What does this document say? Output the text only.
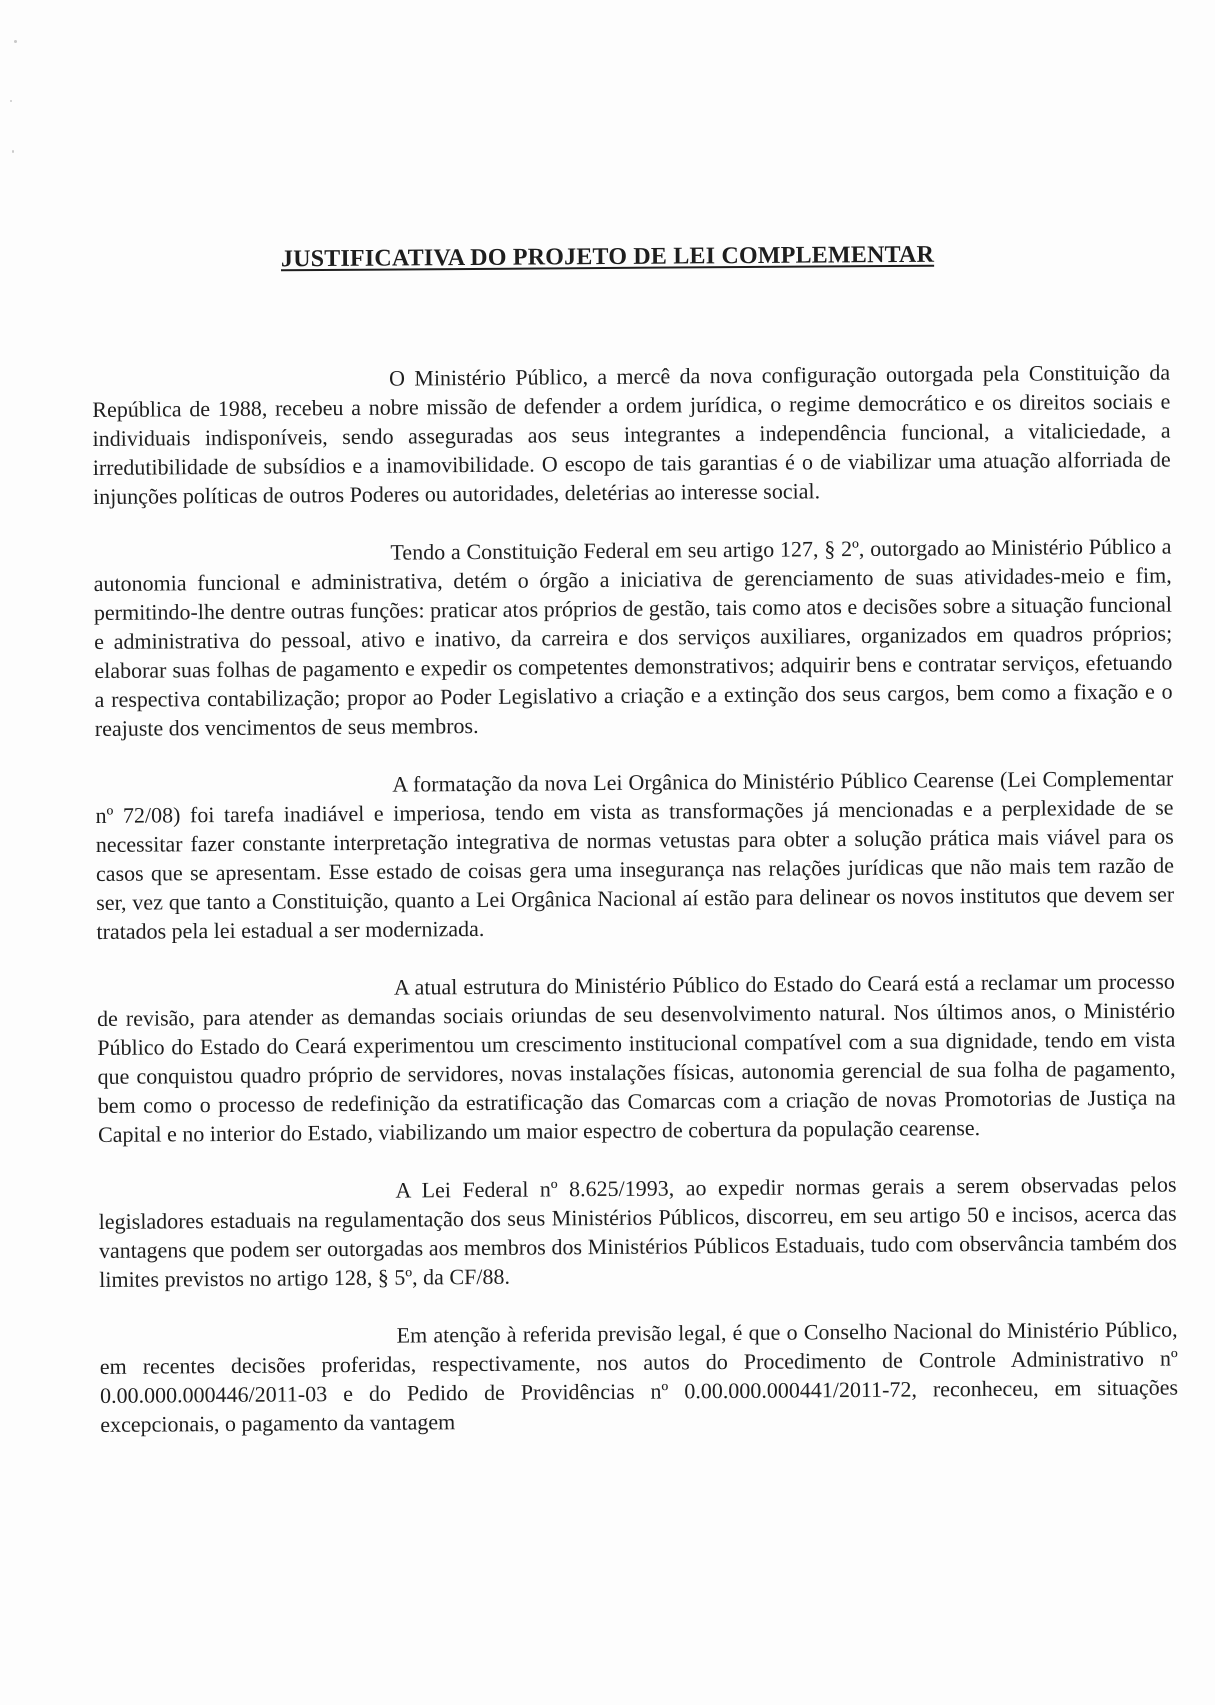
JUSTIFICATIVA DO PROJETO DE LEI COMPLEMENTAR

O Ministério Público, a mercê da nova configuração outorgada pela Constituição da República de 1988, recebeu a nobre missão de defender a ordem jurídica, o regime democrático e os direitos sociais e individuais indisponíveis, sendo asseguradas aos seus integrantes a independência funcional, a vitaliciedade, a irredutibilidade de subsídios e a inamovibilidade. O escopo de tais garantias é o de viabilizar uma atuação alforriada de injunções políticas de outros Poderes ou autoridades, deletérias ao interesse social.

Tendo a Constituição Federal em seu artigo 127, § 2º, outorgado ao Ministério Público a autonomia funcional e administrativa, detém o órgão a iniciativa de gerenciamento de suas atividades-meio e fim, permitindo-lhe dentre outras funções: praticar atos próprios de gestão, tais como atos e decisões sobre a situação funcional e administrativa do pessoal, ativo e inativo, da carreira e dos serviços auxiliares, organizados em quadros próprios; elaborar suas folhas de pagamento e expedir os competentes demonstrativos; adquirir bens e contratar serviços, efetuando a respectiva contabilização; propor ao Poder Legislativo a criação e a extinção dos seus cargos, bem como a fixação e o reajuste dos vencimentos de seus membros.

A formatação da nova Lei Orgânica do Ministério Público Cearense (Lei Complementar nº 72/08) foi tarefa inadiável e imperiosa, tendo em vista as transformações já mencionadas e a perplexidade de se necessitar fazer constante interpretação integrativa de normas vetustas para obter a solução prática mais viável para os casos que se apresentam. Esse estado de coisas gera uma insegurança nas relações jurídicas que não mais tem razão de ser, vez que tanto a Constituição, quanto a Lei Orgânica Nacional aí estão para delinear os novos institutos que devem ser tratados pela lei estadual a ser modernizada.

A atual estrutura do Ministério Público do Estado do Ceará está a reclamar um processo de revisão, para atender as demandas sociais oriundas de seu desenvolvimento natural. Nos últimos anos, o Ministério Público do Estado do Ceará experimentou um crescimento institucional compatível com a sua dignidade, tendo em vista que conquistou quadro próprio de servidores, novas instalações físicas, autonomia gerencial de sua folha de pagamento, bem como o processo de redefinição da estratificação das Comarcas com a criação de novas Promotorias de Justiça na Capital e no interior do Estado, viabilizando um maior espectro de cobertura da população cearense.

A Lei Federal nº 8.625/1993, ao expedir normas gerais a serem observadas pelos legisladores estaduais na regulamentação dos seus Ministérios Públicos, discorreu, em seu artigo 50 e incisos, acerca das vantagens que podem ser outorgadas aos membros dos Ministérios Públicos Estaduais, tudo com observância também dos limites previstos no artigo 128, § 5º, da CF/88.

Em atenção à referida previsão legal, é que o Conselho Nacional do Ministério Público, em recentes decisões proferidas, respectivamente, nos autos do Procedimento de Controle Administrativo nº 0.00.000.000446/2011-03 e do Pedido de Providências nº 0.00.000.000441/2011-72, reconheceu, em situações excepcionais, o pagamento da vantagem
